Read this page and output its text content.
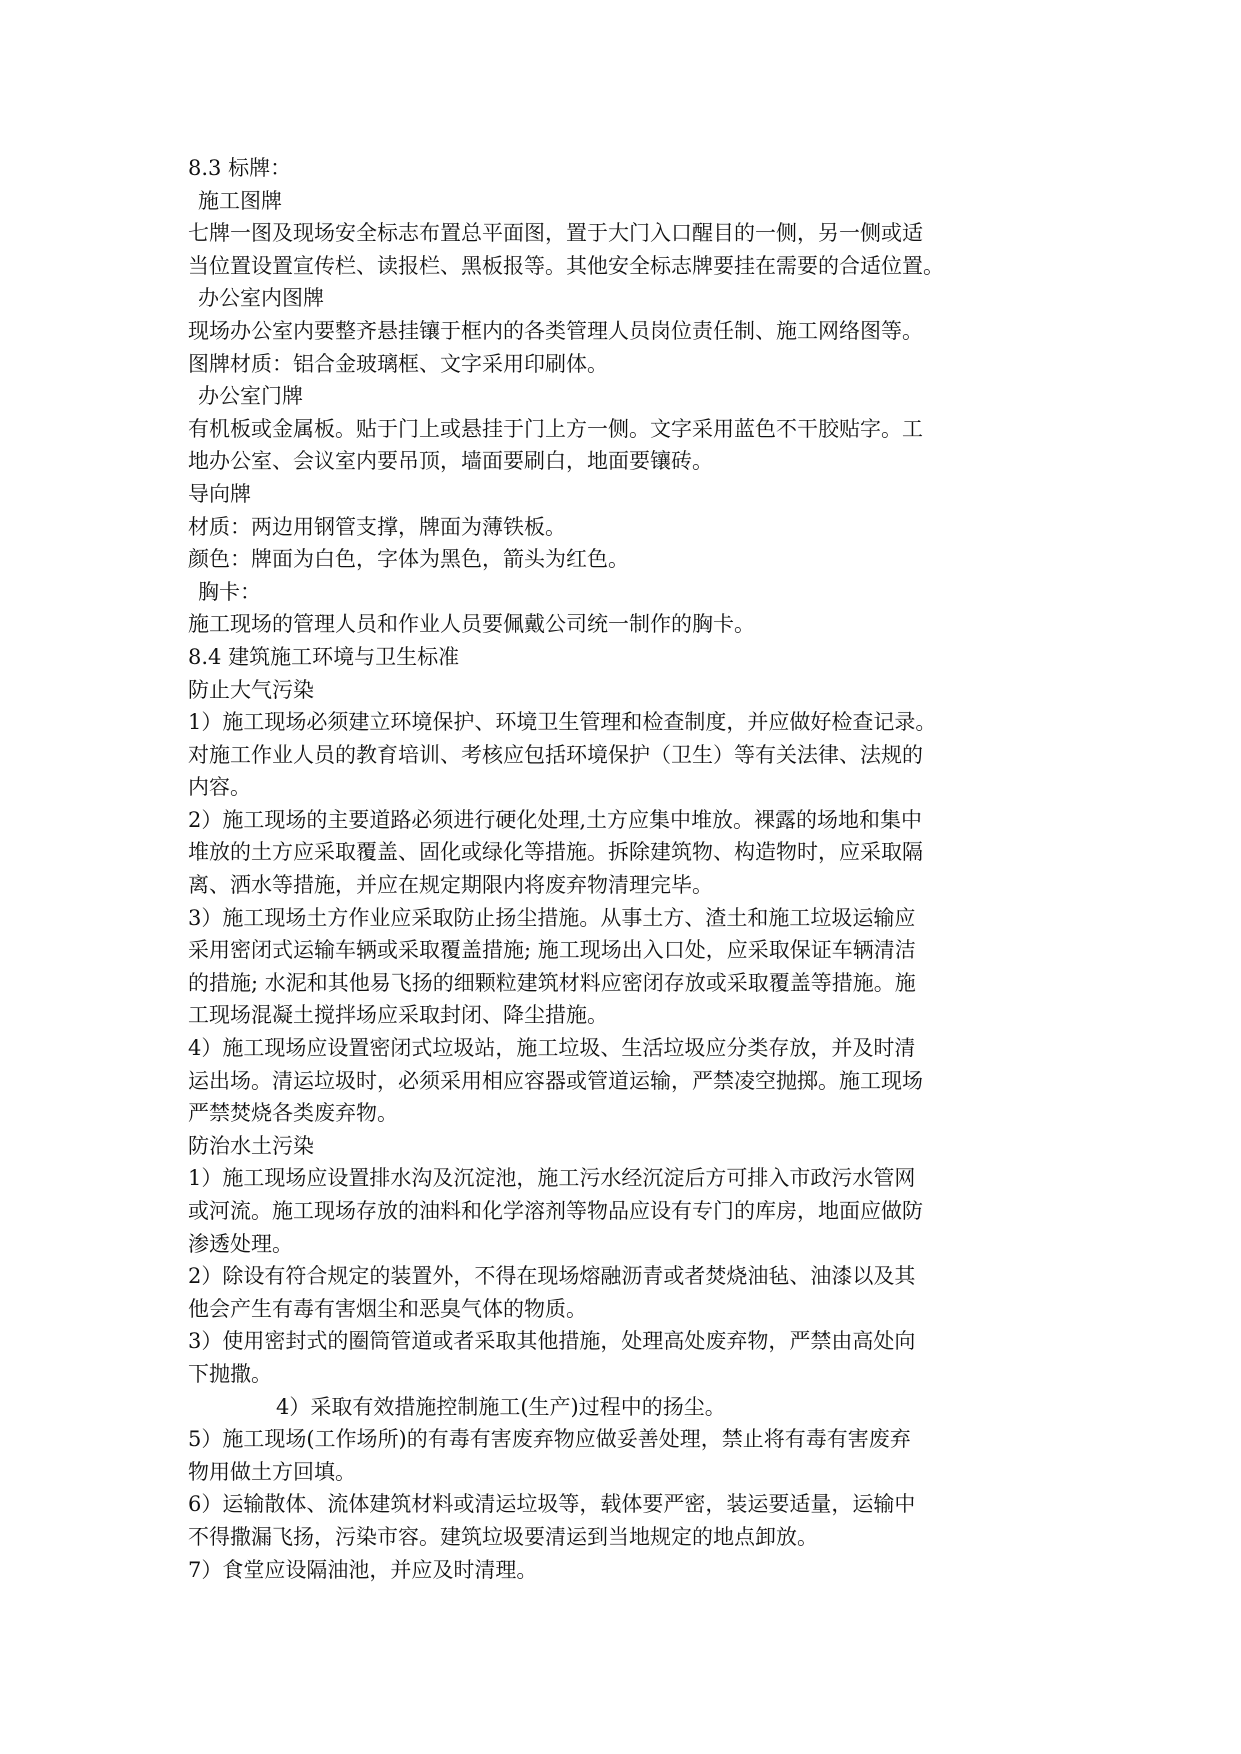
8.3 标牌：
施工图牌
七牌一图及现场安全标志布置总平面图，置于大门入口醒目的一侧，另一侧或适
当位置设置宣传栏、读报栏、黑板报等。其他安全标志牌要挂在需要的合适位置。
办公室内图牌
现场办公室内要整齐悬挂镶于框内的各类管理人员岗位责任制、施工网络图等。
图牌材质：铝合金玻璃框、文字采用印刷体。
办公室门牌
有机板或金属板。贴于门上或悬挂于门上方一侧。文字采用蓝色不干胶贴字。工
地办公室、会议室内要吊顶，墙面要刷白，地面要镶砖。
导向牌
材质：两边用钢管支撑，牌面为薄铁板。
颜色：牌面为白色，字体为黑色，箭头为红色。
胸卡：
施工现场的管理人员和作业人员要佩戴公司统一制作的胸卡。
8.4 建筑施工环境与卫生标准
防止大气污染
1）施工现场必须建立环境保护、环境卫生管理和检查制度，并应做好检查记录。
对施工作业人员的教育培训、考核应包括环境保护（卫生）等有关法律、法规的
内容。
2）施工现场的主要道路必须进行硬化处理,土方应集中堆放。裸露的场地和集中
堆放的土方应采取覆盖、固化或绿化等措施。拆除建筑物、构造物时，应采取隔
离、洒水等措施，并应在规定期限内将废弃物清理完毕。
3）施工现场土方作业应采取防止扬尘措施。从事土方、渣土和施工垃圾运输应
采用密闭式运输车辆或采取覆盖措施; 施工现场出入口处，应采取保证车辆清洁
的措施; 水泥和其他易飞扬的细颗粒建筑材料应密闭存放或采取覆盖等措施。施
工现场混凝土搅拌场应采取封闭、降尘措施。
4）施工现场应设置密闭式垃圾站，施工垃圾、生活垃圾应分类存放，并及时清
运出场。清运垃圾时，必须采用相应容器或管道运输，严禁凌空抛掷。施工现场
严禁焚烧各类废弃物。
防治水土污染
1）施工现场应设置排水沟及沉淀池，施工污水经沉淀后方可排入市政污水管网
或河流。施工现场存放的油料和化学溶剂等物品应设有专门的库房，地面应做防
渗透处理。
2）除设有符合规定的装置外，不得在现场熔融沥青或者焚烧油毡、油漆以及其
他会产生有毒有害烟尘和恶臭气体的物质。
3）使用密封式的圈筒管道或者采取其他措施，处理高处废弃物，严禁由高处向
下抛撒。
4）采取有效措施控制施工(生产)过程中的扬尘。
5）施工现场(工作场所)的有毒有害废弃物应做妥善处理，禁止将有毒有害废弃
物用做土方回填。
6）运输散体、流体建筑材料或清运垃圾等，载体要严密，装运要适量，运输中
不得撒漏飞扬，污染市容。建筑垃圾要清运到当地规定的地点卸放。
7）食堂应设隔油池，并应及时清理。
